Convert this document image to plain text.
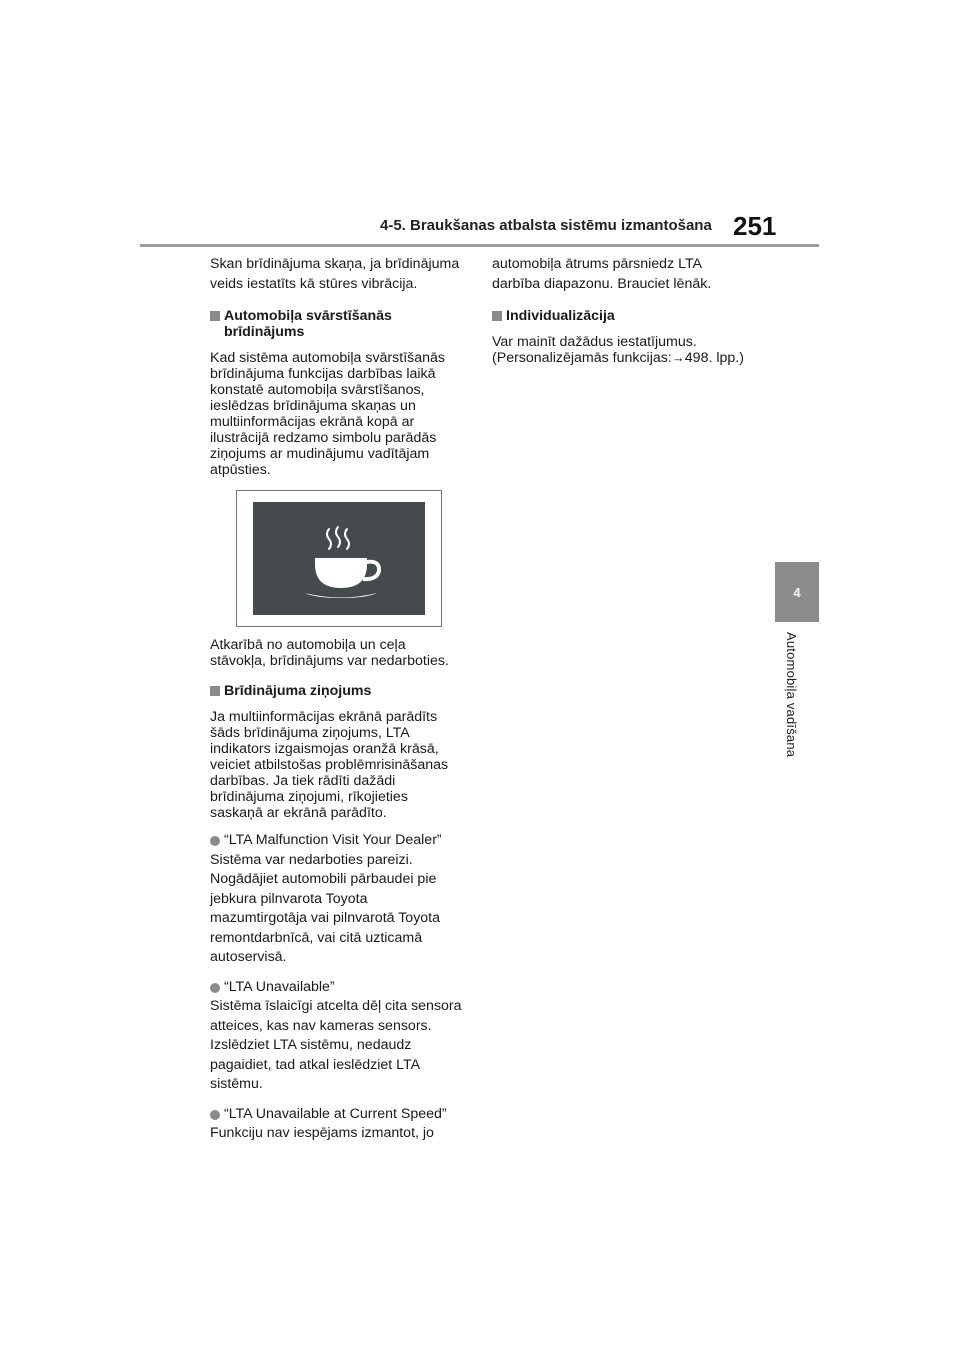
4-5. Braukšanas atbalsta sistēmu izmantošana 251
4
Automobiļa vadīšana

Skan brīdinājuma skaņa, ja brīdinājuma

veids iestatīts kā stūres vibrācija.

Automobiļa svārstīšanās
brīdinājums

Kad sistēma automobiļa svārstīšanās

brīdinājuma funkcijas darbības laikā

konstatē automobiļa svārstīšanos,

ieslēdzas brīdinājuma skaņas un

multiinformācijas ekrānā kopā ar

ilustrācijā redzamo simbolu parādās

ziņojums ar mudinājumu vadītājam

atpūsties.

Atkarībā no automobiļa un ceļa

stāvokļa, brīdinājums var nedarboties.

Brīdinājuma ziņojums

Ja multiinformācijas ekrānā parādīts

šāds brīdinājuma ziņojums, LTA

indikators izgaismojas oranžā krāsā,

veiciet atbilstošas problēmrisināšanas

darbības. Ja tiek rādīti dažādi

brīdinājuma ziņojumi, rīkojieties

saskaņā ar ekrānā parādīto.

“LTA Malfunction Visit Your Dealer”

Sistēma var nedarboties pareizi.

Nogādājiet automobili pārbaudei pie

jebkura pilnvarota Toyota

mazumtirgotāja vai pilnvarotā Toyota

remontdarbnīcā, vai citā uzticamā

autoservisā.

“LTA Unavailable”

Sistēma īslaicīgi atcelta dēļ cita sensora

atteices, kas nav kameras sensors.

Izslēdziet LTA sistēmu, nedaudz

pagaidiet, tad atkal ieslēdziet LTA

sistēmu.

“LTA Unavailable at Current Speed”

Funkciju nav iespējams izmantot, jo

automobiļa ātrums pārsniedz LTA

darbība diapazonu. Brauciet lēnāk.

Individualizācija

Var mainīt dažādus iestatījumus.

(Personalizējamās funkcijas:→498. lpp.)
